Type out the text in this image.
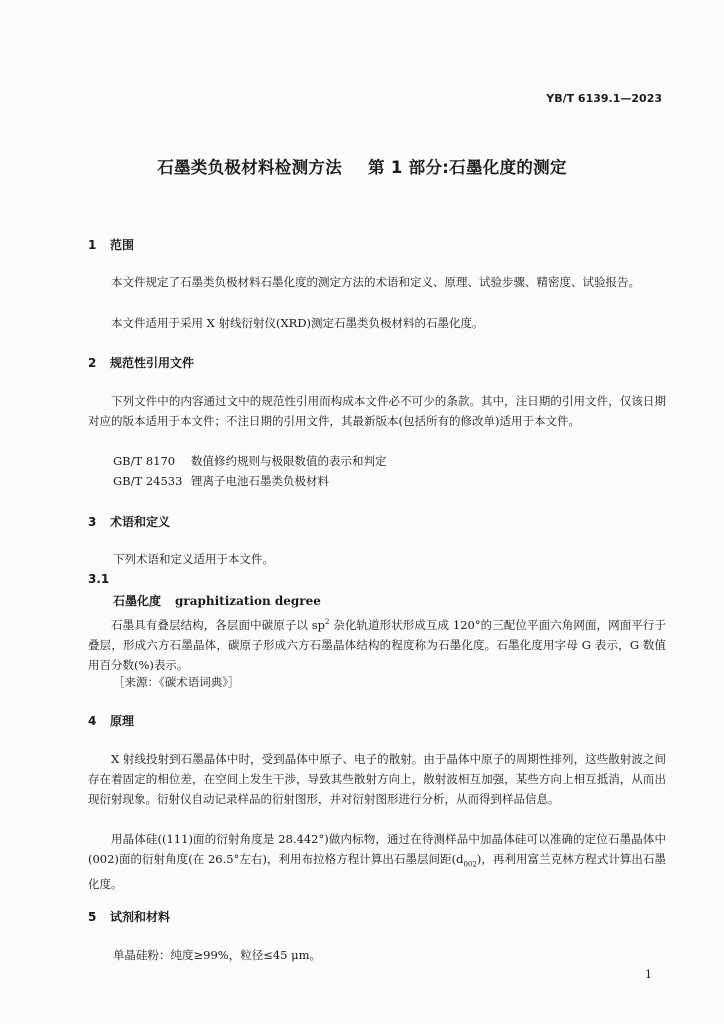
YB/T 6139.1—2023
石墨类负极材料检测方法 第 1 部分:石墨化度的测定
1 范围
本文件规定了石墨类负极材料石墨化度的测定方法的术语和定义、原理、试验步骤、精密度、试验报告。
本文件适用于采用 X 射线衍射仪(XRD)测定石墨类负极材料的石墨化度。
2 规范性引用文件
下列文件中的内容通过文中的规范性引用而构成本文件必不可少的条款。其中，注日期的引用文件，仅该日期对应的版本适用于本文件；不注日期的引用文件，其最新版本(包括所有的修改单)适用于本文件。
GB/T 8170 数值修约规则与极限数值的表示和判定
GB/T 24533 锂离子电池石墨类负极材料
3 术语和定义
下列术语和定义适用于本文件。
3.1
石墨化度 graphitization degree
石墨具有叠层结构，各层面中碳原子以 $sp^2$ 杂化轨道形状形成互成 120°的三配位平面六角网面，网面平行于叠层，形成六方石墨晶体，碳原子形成六方石墨晶体结构的程度称为石墨化度。石墨化度用字母 G 表示，G 数值用百分数(%)表示。
［来源：《碳术语词典》］
4 原理
X 射线投射到石墨晶体中时，受到晶体中原子、电子的散射。由于晶体中原子的周期性排列，这些散射波之间存在着固定的相位差，在空间上发生干涉，导致其些散射方向上，散射波相互加强，某些方向上相互抵消，从而出现衍射现象。衍射仪自动记录样品的衍射图形，并对衍射图形进行分析，从而得到样品信息。
用晶体硅((111)面的衍射角度是 28.442°)做内标物，通过在待测样品中加晶体硅可以准确的定位石墨晶体中(002)面的衍射角度(在 26.5°左右)，利用布拉格方程计算出石墨层间距$(d_{002})$，再利用富兰克林方程式计算出石墨化度。
5 试剂和材料
单晶硅粉：纯度≥99%，粒径≤45 μm。
1
